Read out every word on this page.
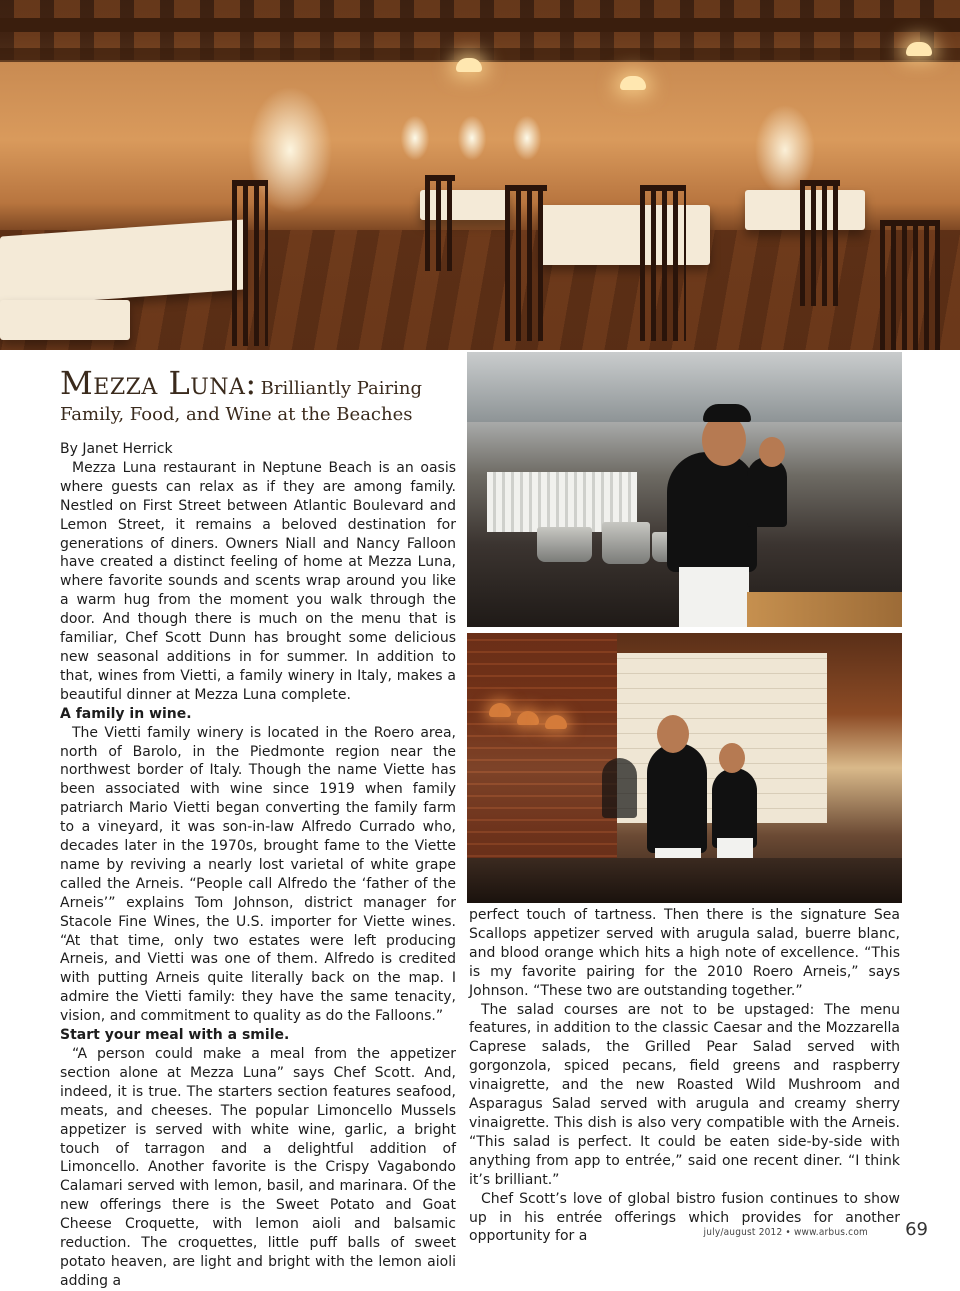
Mezza Luna: Brilliantly Pairing
Family, Food, and Wine at the Beaches

By Janet Herrick

Mezza Luna restaurant in Neptune Beach is an oasis where guests can relax as if they are among family. Nestled on First Street between Atlantic Boulevard and Lemon Street, it remains a beloved destination for generations of diners. Owners Niall and Nancy Falloon have created a distinct feeling of home at Mezza Luna, where favorite sounds and scents wrap around you like a warm hug from the moment you walk through the door. And though there is much on the menu that is familiar, Chef Scott Dunn has brought some delicious new seasonal additions in for summer. In addition to that, wines from Vietti, a family winery in Italy, makes a beautiful dinner at Mezza Luna complete.

A family in wine.

The Vietti family winery is located in the Roero area, north of Barolo, in the Piedmonte region near the northwest border of Italy. Though the name Viette has been associated with wine since 1919 when family patriarch Mario Vietti began converting the family farm to a vineyard, it was son-in-law Alfredo Currado who, decades later in the 1970s, brought fame to the Viette name by reviving a nearly lost varietal of white grape called the Arneis. “People call Alfredo the ‘father of the Arneis’” explains Tom Johnson, district manager for Stacole Fine Wines, the U.S. importer for Viette wines. “At that time, only two estates were left producing Arneis, and Vietti was one of them. Alfredo is credited with putting Arneis quite literally back on the map. I admire the Vietti family: they have the same tenacity, vision, and commitment to quality as do the Falloons.”

Start your meal with a smile.

“A person could make a meal from the appetizer section alone at Mezza Luna” says Chef Scott. And, indeed, it is true. The starters section features seafood, meats, and cheeses. The popular Limoncello Mussels appetizer is served with white wine, garlic, a bright touch of tarragon and a delightful addition of Limoncello. Another favorite is the Crispy Vagabondo Calamari served with lemon, basil, and marinara. Of the new offerings there is the Sweet Potato and Goat Cheese Croquette, with lemon aioli and balsamic reduction. The croquettes, little puff balls of sweet potato heaven, are light and bright with the lemon aioli adding a

perfect touch of tartness. Then there is the signature Sea Scallops appetizer served with arugula salad, buerre blanc, and blood orange which hits a high note of excellence. “This is my favorite pairing for the 2010 Roero Arneis,” says Johnson. “These two are outstanding together.”

The salad courses are not to be upstaged: The menu features, in addition to the classic Caesar and the Mozzarella Caprese salads, the Grilled Pear Salad served with gorgonzola, spiced pecans, field greens and raspberry vinaigrette, and the new Roasted Wild Mushroom and Asparagus Salad served with arugula and creamy sherry vinaigrette. This dish is also very compatible with the Arneis. “This salad is perfect. It could be eaten side-by-side with anything from app to entrée,” said one recent diner. “I think it’s brilliant.”

Chef Scott’s love of global bistro fusion continues to show up in his entrée offerings which provides for another opportunity for a	july/august 2012 • www.arbus.com 69
